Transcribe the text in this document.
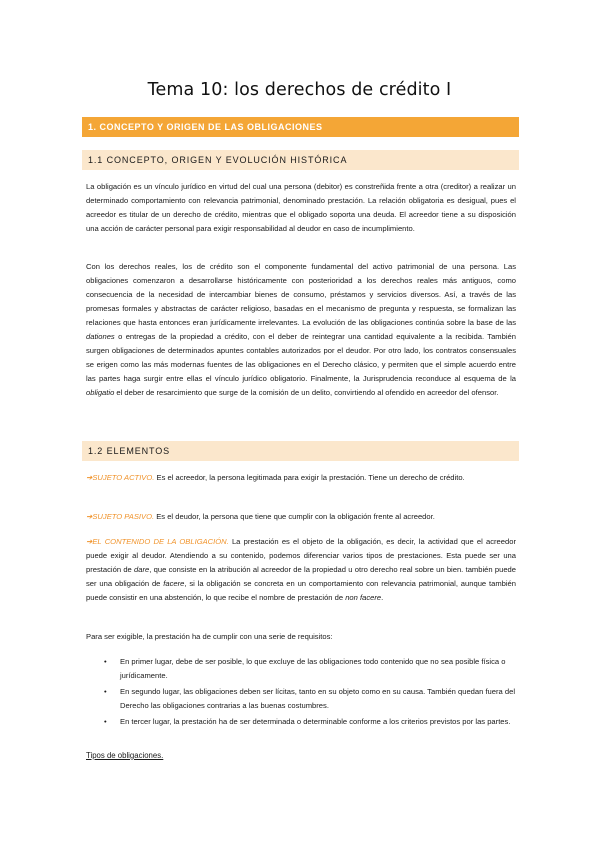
Tema 10: los derechos de crédito I
1. CONCEPTO Y ORIGEN DE LAS OBLIGACIONES
1.1 CONCEPTO, ORIGEN Y EVOLUCIÓN HISTÓRICA

La obligación es un vínculo jurídico en virtud del cual una persona (debitor) es constreñida frente a otra (creditor) a realizar un determinado comportamiento con relevancia patrimonial, denominado prestación. La relación obligatoria es desigual, pues el acreedor es titular de un derecho de crédito, mientras que el obligado soporta una deuda. El acreedor tiene a su disposición una acción de carácter personal para exigir responsabilidad al deudor en caso de incumplimiento.

Con los derechos reales, los de crédito son el componente fundamental del activo patrimonial de una persona. Las obligaciones comenzaron a desarrollarse históricamente con posterioridad a los derechos reales más antiguos, como consecuencia de la necesidad de intercambiar bienes de consumo, préstamos y servicios diversos. Así, a través de las promesas formales y abstractas de carácter religioso, basadas en el mecanismo de pregunta y respuesta, se formalizan las relaciones que hasta entonces eran jurídicamente irrelevantes. La evolución de las obligaciones continúa sobre la base de las dationes o entregas de la propiedad a crédito, con el deber de reintegrar una cantidad equivalente a la recibida. También surgen obligaciones de determinados apuntes contables autorizados por el deudor. Por otro lado, los contratos consensuales se erigen como las más modernas fuentes de las obligaciones en el Derecho clásico, y permiten que el simple acuerdo entre las partes haga surgir entre ellas el vínculo jurídico obligatorio. Finalmente, la Jurisprudencia reconduce al esquema de la obligatio el deber de resarcimiento que surge de la comisión de un delito, convirtiendo al ofendido en acreedor del ofensor.

1.2 ELEMENTOS

➔SUJETO ACTIVO. Es el acreedor, la persona legitimada para exigir la prestación. Tiene un derecho de crédito.

➔SUJETO PASIVO. Es el deudor, la persona que tiene que cumplir con la obligación frente al acreedor.

➔EL CONTENIDO DE LA OBLIGACIÓN. La prestación es el objeto de la obligación, es decir, la actividad que el acreedor puede exigir al deudor. Atendiendo a su contenido, podemos diferenciar varios tipos de prestaciones. Esta puede ser una prestación de dare, que consiste en la atribución al acreedor de la propiedad u otro derecho real sobre un bien. también puede ser una obligación de facere, si la obligación se concreta en un comportamiento con relevancia patrimonial, aunque también puede consistir en una abstención, lo que recibe el nombre de prestación de non facere.

Para ser exigible, la prestación ha de cumplir con una serie de requisitos:

• En primer lugar, debe de ser posible, lo que excluye de las obligaciones todo contenido que no sea posible física o jurídicamente.
• En segundo lugar, las obligaciones deben ser lícitas, tanto en su objeto como en su causa. También quedan fuera del Derecho las obligaciones contrarias a las buenas costumbres.
• En tercer lugar, la prestación ha de ser determinada o determinable conforme a los criterios previstos por las partes.
Tipos de obligaciones.
